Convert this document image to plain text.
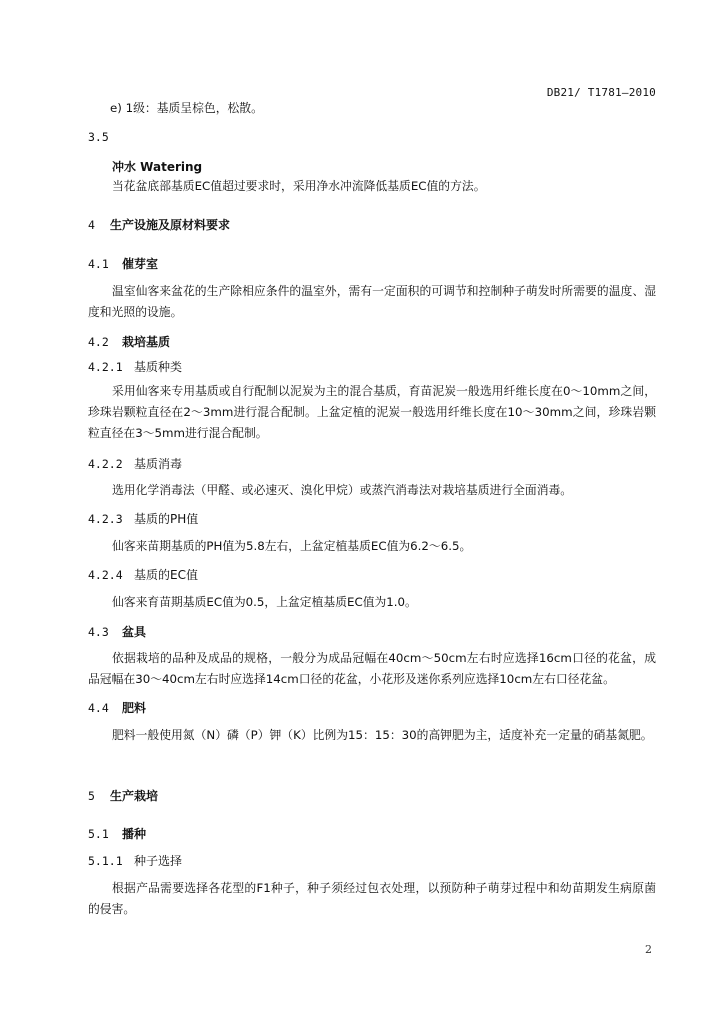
DB21/ T1781—2010
e) 1级：基质呈棕色，松散。
3.5
冲水 Watering
当花盆底部基质EC值超过要求时，采用净水冲流降低基质EC值的方法。
4 生产设施及原材料要求
4.1 催芽室
温室仙客来盆花的生产除相应条件的温室外，需有一定面积的可调节和控制种子萌发时所需要的温度、湿度和光照的设施。
4.2 栽培基质
4.2.1 基质种类
采用仙客来专用基质或自行配制以泥炭为主的混合基质，育苗泥炭一般选用纤维长度在0～10mm之间，珍珠岩颗粒直径在2～3mm进行混合配制。上盆定植的泥炭一般选用纤维长度在10～30mm之间，珍珠岩颗粒直径在3～5mm进行混合配制。
4.2.2 基质消毒
选用化学消毒法（甲醛、或必速灭、溴化甲烷）或蒸汽消毒法对栽培基质进行全面消毒。
4.2.3 基质的PH值
仙客来苗期基质的PH值为5.8左右，上盆定植基质EC值为6.2～6.5。
4.2.4 基质的EC值
仙客来育苗期基质EC值为0.5，上盆定植基质EC值为1.0。
4.3 盆具
依据栽培的品种及成品的规格，一般分为成品冠幅在40cm～50cm左右时应选择16cm口径的花盆，成品冠幅在30～40cm左右时应选择14cm口径的花盆，小花形及迷你系列应选择10cm左右口径花盆。
4.4 肥料
肥料一般使用氮（N）磷（P）钾（K）比例为15：15：30的高钾肥为主，适度补充一定量的硝基氮肥。
5 生产栽培
5.1 播种
5.1.1 种子选择
根据产品需要选择各花型的F1种子，种子须经过包衣处理，以预防种子萌芽过程中和幼苗期发生病原菌的侵害。
2
